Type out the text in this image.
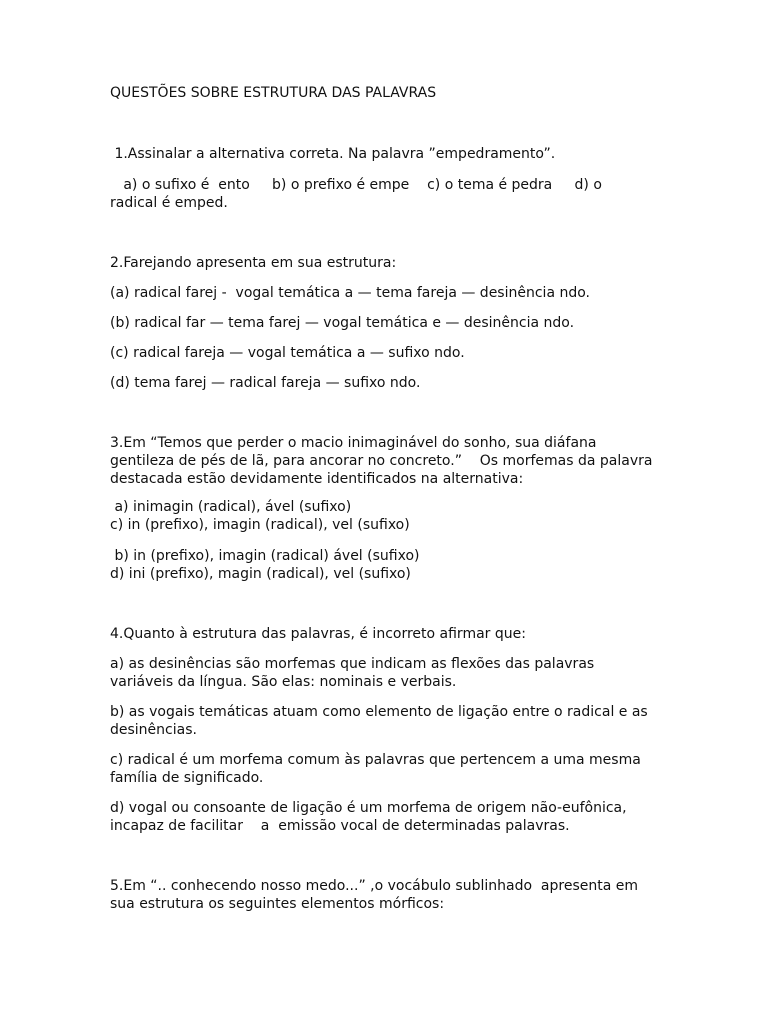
QUESTÕES SOBRE ESTRUTURA DAS PALAVRAS

1.Assinalar a alternativa correta. Na palavra ”empedramento”.

a) o sufixo é  ento     b) o prefixo é empe    c) o tema é pedra     d) o

radical é emped.

2.Farejando apresenta em sua estrutura:

(a) radical farej -  vogal temática a — tema fareja — desinência ndo.

(b) radical far — tema farej — vogal temática e — desinência ndo.

(c) radical fareja — vogal temática a — sufixo ndo.

(d) tema farej — radical fareja — sufixo ndo.

3.Em “Temos que perder o macio inimaginável do sonho, sua diáfana

gentileza de pés de lã, para ancorar no concreto.”    Os morfemas da palavra

destacada estão devidamente identificados na alternativa:

a) inimagin (radical), ável (sufixo)

c) in (prefixo), imagin (radical), vel (sufixo)

b) in (prefixo), imagin (radical) ável (sufixo)

d) ini (prefixo), magin (radical), vel (sufixo)

4.Quanto à estrutura das palavras, é incorreto afirmar que:

a) as desinências são morfemas que indicam as flexões das palavras

variáveis da língua. São elas: nominais e verbais.

b) as vogais temáticas atuam como elemento de ligação entre o radical e as

desinências.

c) radical é um morfema comum às palavras que pertencem a uma mesma

família de significado.

d) vogal ou consoante de ligação é um morfema de origem não-eufônica,

incapaz de facilitar    a  emissão vocal de determinadas palavras.

5.Em “.. conhecendo nosso medo...” ,o vocábulo sublinhado  apresenta em

sua estrutura os seguintes elementos mórficos:
